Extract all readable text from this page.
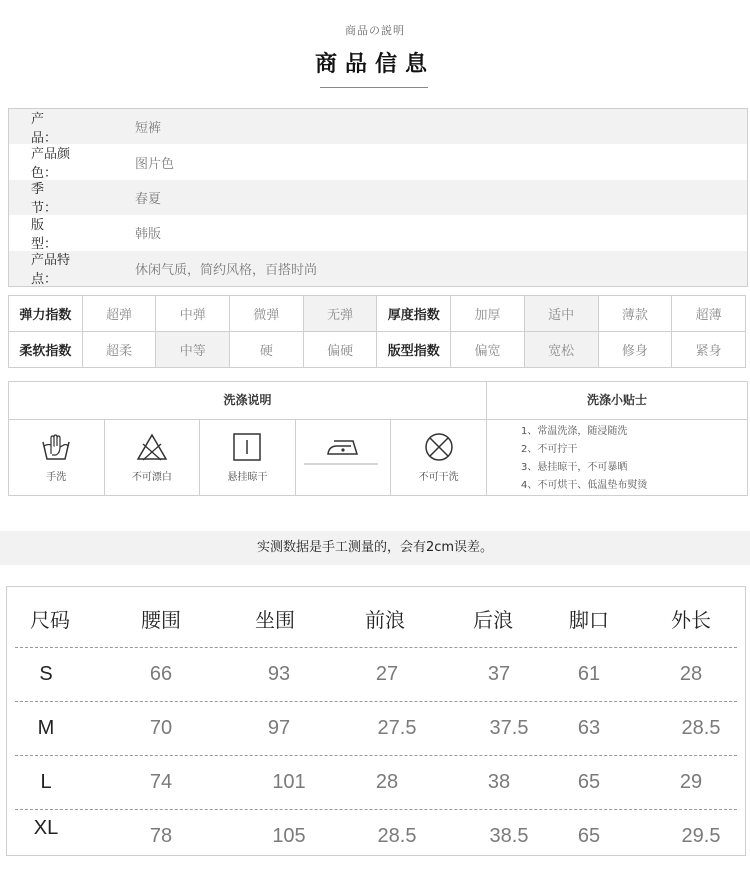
商品の説明
商品信息
产　　品：
短裤
产品颜色：
图片色
季　　节：
春夏
版　　型：
韩版
产品特点：
休闲气质，简约风格，百搭时尚
弹力指数	超弹	中弹	微弹	无弹	厚度指数	加厚	适中	薄款	超薄
柔软指数	超柔	中等	硬	偏硬	版型指数	偏宽	宽松	修身	紧身
洗涤说明
手洗	不可漂白	悬挂晾干	不可干洗
洗涤小贴士
1、常温洗涤，随浸随洗
2、不可拧干
3、悬挂晾干，不可暴晒
4、不可烘干、低温垫布熨烫
实测数据是手工测量的，会有2cm误差。
尺码	腰围	坐围	前浪	后浪	脚口	外长
S	66	93	27	37	61	28
M	70	97	27.5	37.5	63	28.5
L	74	101	28	38	65	29
XL	78	105	28.5	38.5	65	29.5
